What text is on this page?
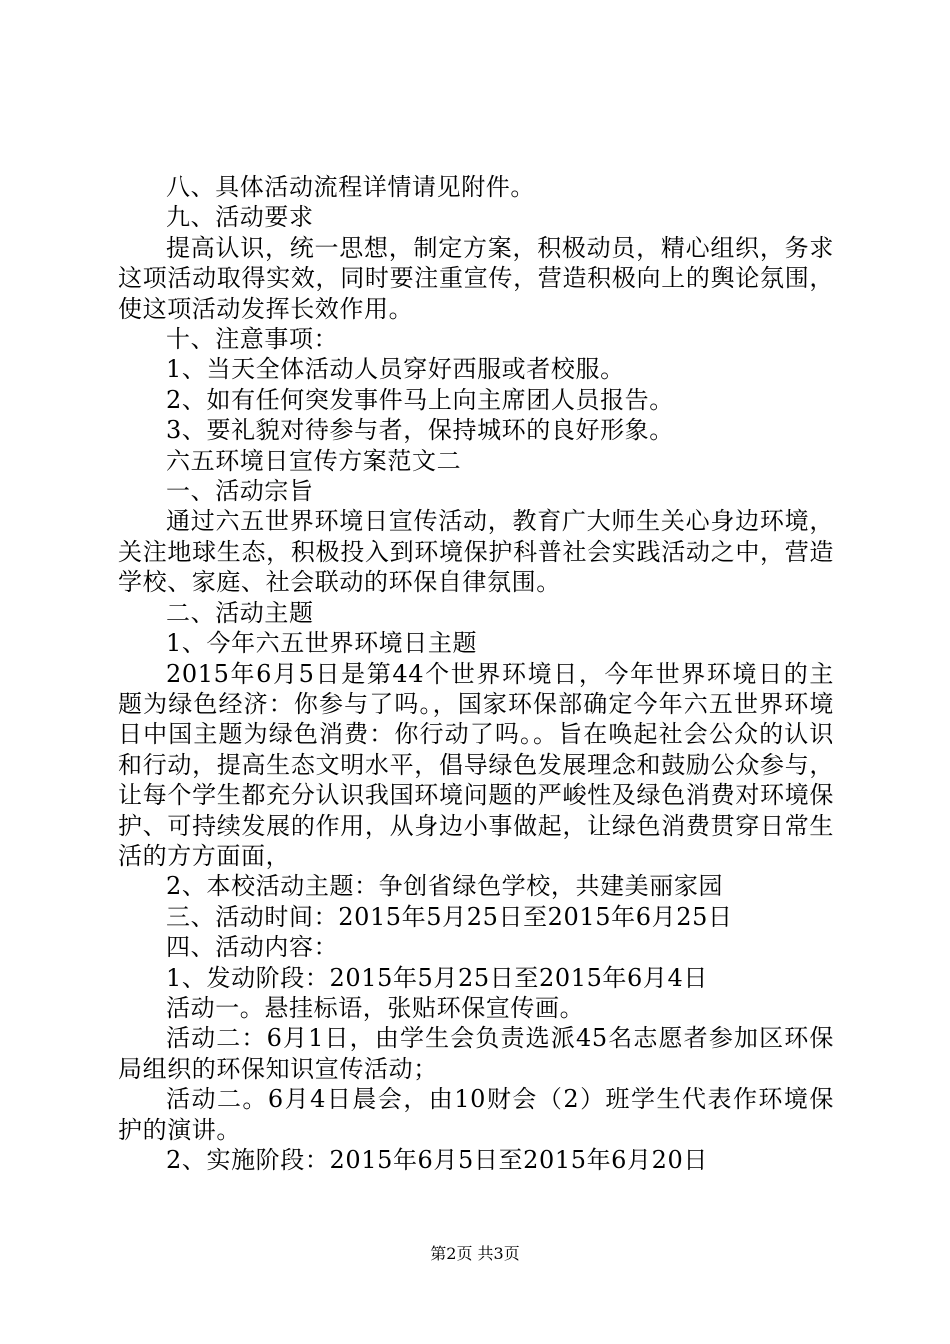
八、具体活动流程详情请见附件。

九、活动要求

提高认识，统一思想，制定方案，积极动员，精心组织，务求这项活动取得实效，同时要注重宣传，营造积极向上的舆论氛围，使这项活动发挥长效作用。

十、注意事项：

1、当天全体活动人员穿好西服或者校服。

2、如有任何突发事件马上向主席团人员报告。

3、要礼貌对待参与者，保持城环的良好形象。

六五环境日宣传方案范文二

一、活动宗旨

通过六五世界环境日宣传活动，教育广大师生关心身边环境，关注地球生态，积极投入到环境保护科普社会实践活动之中，营造学校、家庭、社会联动的环保自律氛围。

二、活动主题

1、今年六五世界环境日主题

2015年6月5日是第44个世界环境日，今年世界环境日的主题为绿色经济：你参与了吗。，国家环保部确定今年六五世界环境日中国主题为绿色消费：你行动了吗。。旨在唤起社会公众的认识和行动，提高生态文明水平，倡导绿色发展理念和鼓励公众参与，让每个学生都充分认识我国环境问题的严峻性及绿色消费对环境保护、可持续发展的作用，从身边小事做起，让绿色消费贯穿日常生活的方方面面，

2、本校活动主题：争创省绿色学校，共建美丽家园

三、活动时间：2015年5月25日至2015年6月25日

四、活动内容：

1、发动阶段：2015年5月25日至2015年6月4日

活动一。悬挂标语，张贴环保宣传画。

活动二：6月1日，由学生会负责选派45名志愿者参加区环保局组织的环保知识宣传活动；

活动二。6月4日晨会，由10财会（2）班学生代表作环境保护的演讲。

2、实施阶段：2015年6月5日至2015年6月20日

第2页 共3页
